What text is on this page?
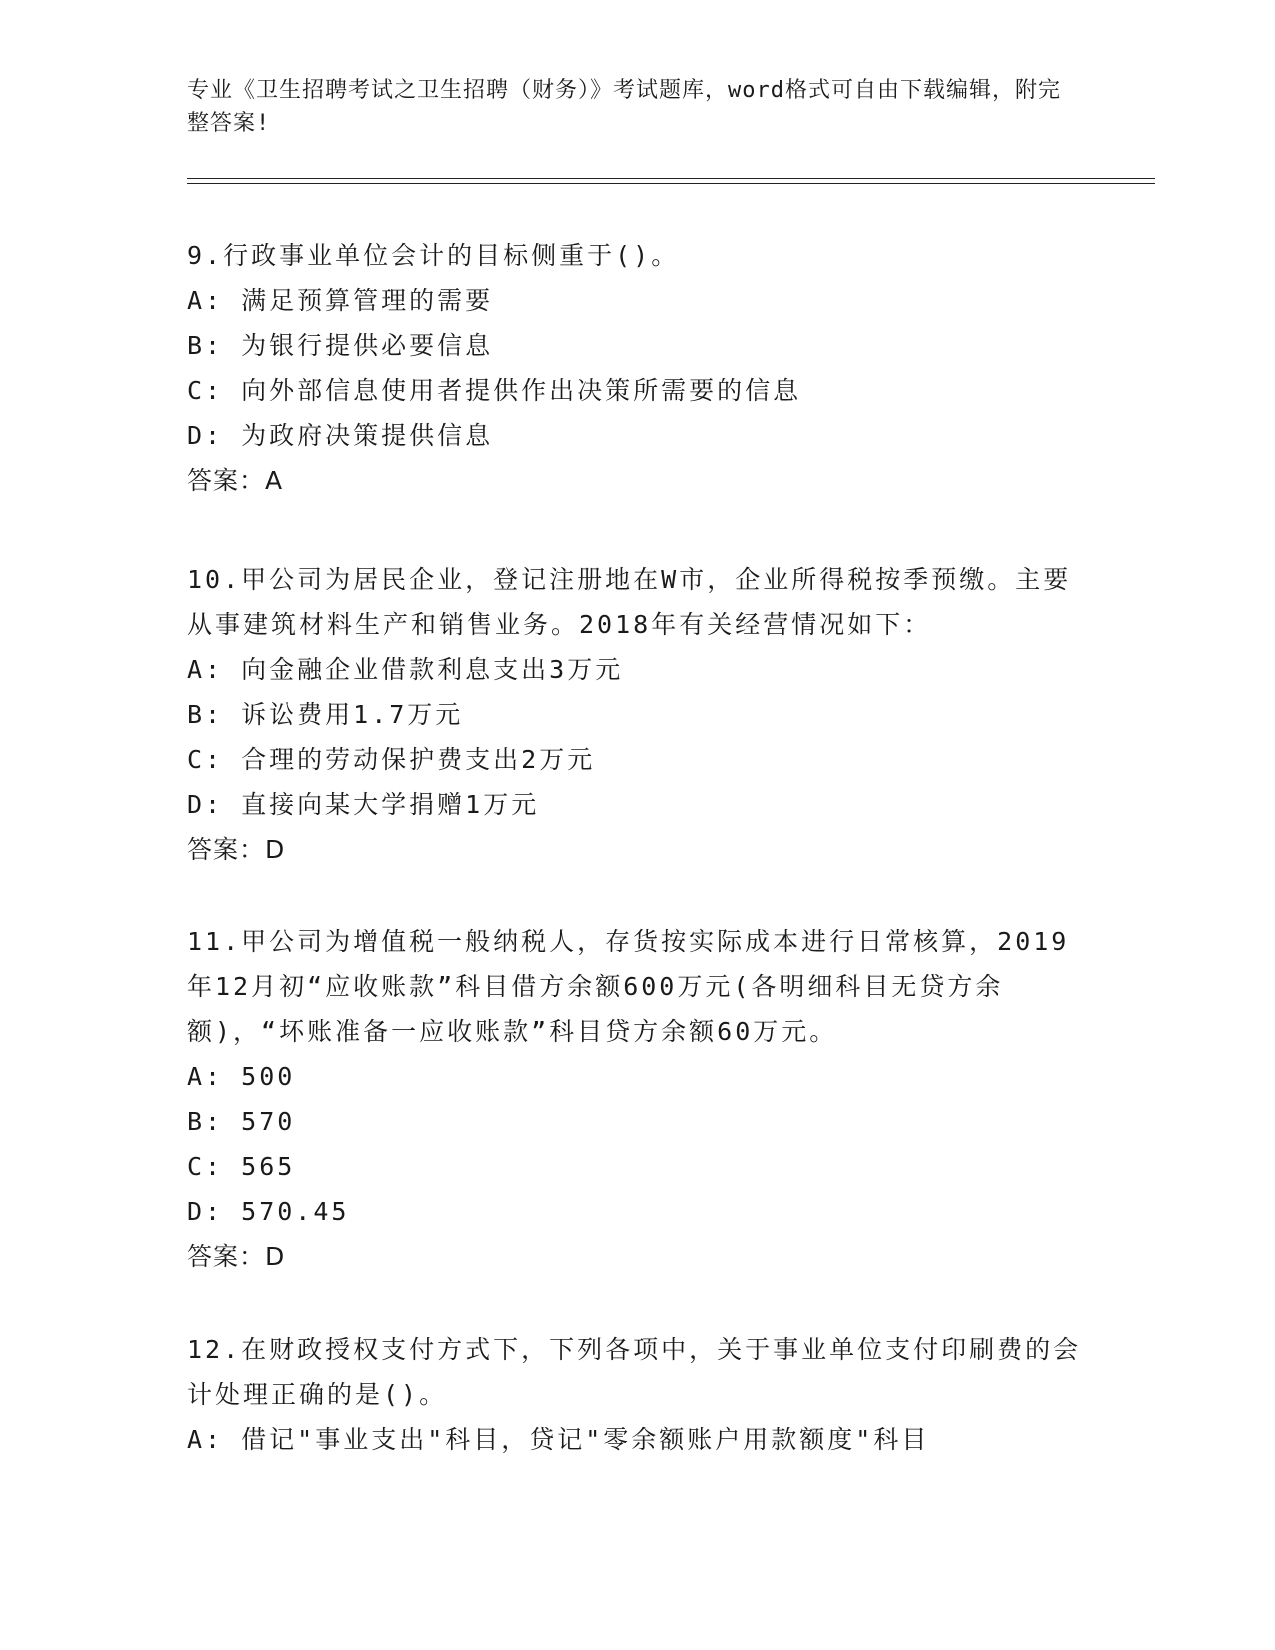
专业《卫生招聘考试之卫生招聘（财务）》考试题库，word格式可自由下载编辑，附完整答案!

9.行政事业单位会计的目标侧重于()。

A: 满足预算管理的需要

B: 为银行提供必要信息

C: 向外部信息使用者提供作出决策所需要的信息

D: 为政府决策提供信息

答案：A

10.甲公司为居民企业，登记注册地在W市，企业所得税按季预缴。主要从事建筑材料生产和销售业务。2018年有关经营情况如下：

A: 向金融企业借款利息支出3万元

B: 诉讼费用1.7万元

C: 合理的劳动保护费支出2万元

D: 直接向某大学捐赠1万元

答案：D

11.甲公司为增值税一般纳税人，存货按实际成本进行日常核算，2019年12月初“应收账款”科目借方余额600万元(各明细科目无贷方余额)，“坏账准备一应收账款”科目贷方余额60万元。

A: 500

B: 570

C: 565

D: 570.45

答案：D

12.在财政授权支付方式下，下列各项中，关于事业单位支付印刷费的会计处理正确的是()。

A: 借记"事业支出"科目，贷记"零余额账户用款额度"科目
